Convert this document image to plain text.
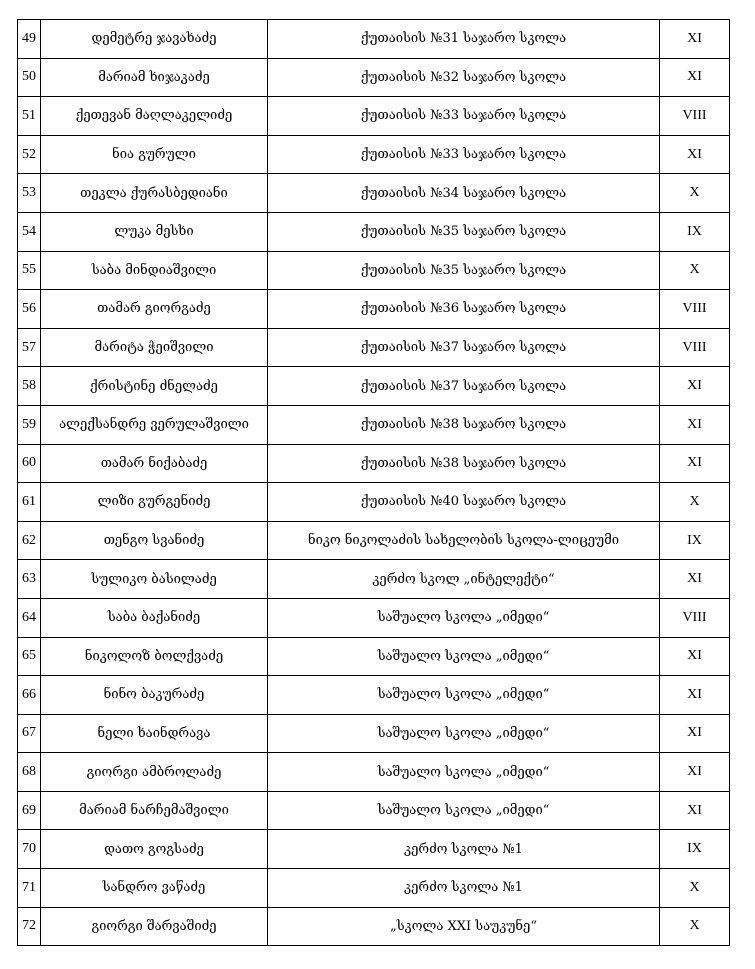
49	დემეტრე ჯავახაძე	ქუთაისის №31 საჯარო სკოლა	XI
50	მარიამ ხიჯაკაძე	ქუთაისის №32 საჯარო სკოლა	XI
51	ქეთევან მაღლაკელიძე	ქუთაისის №33 საჯარო სკოლა	VIII
52	ნია გურული	ქუთაისის №33 საჯარო სკოლა	XI
53	თეკლა ქურასბედიანი	ქუთაისის №34 საჯარო სკოლა	X
54	ლუკა მესხი	ქუთაისის №35 საჯარო სკოლა	IX
55	საბა მინდიაშვილი	ქუთაისის №35 საჯარო სკოლა	X
56	თამარ გიორგაძე	ქუთაისის №36 საჯარო სკოლა	VIII
57	მარიტა ჭეიშვილი	ქუთაისის №37 საჯარო სკოლა	VIII
58	ქრისტინე ძნელაძე	ქუთაისის №37 საჯარო სკოლა	XI
59	ალექსანდრე ვერულაშვილი	ქუთაისის №38 საჯარო სკოლა	XI
60	თამარ ნიქაბაძე	ქუთაისის №38 საჯარო სკოლა	XI
61	ლიზი გურგენიძე	ქუთაისის №40 საჯარო სკოლა	X
62	თენგო სვანიძე	ნიკო ნიკოლაძის სახელობის სკოლა-ლიცეუმი	IX
63	სულიკო ბასილაძე	კერძო სკოლ „ინტელექტი“	XI
64	საბა ბაქანიძე	საშუალო სკოლა „იმედი“	VIII
65	ნიკოლოზ ბოლქვაძე	საშუალო სკოლა „იმედი“	XI
66	ნინო ბაკურაძე	საშუალო სკოლა „იმედი“	XI
67	ნელი ხაინდრავა	საშუალო სკოლა „იმედი“	XI
68	გიორგი ამბროლაძე	საშუალო სკოლა „იმედი“	XI
69	მარიამ ნარჩემაშვილი	საშუალო სკოლა „იმედი“	XI
70	დათო გოგსაძე	კერძო სკოლა №1	IX
71	სანდრო ვაწაძე	კერძო სკოლა №1	X
72	გიორგი შარვაშიძე	„სკოლა XXI საუკუნე“	X
